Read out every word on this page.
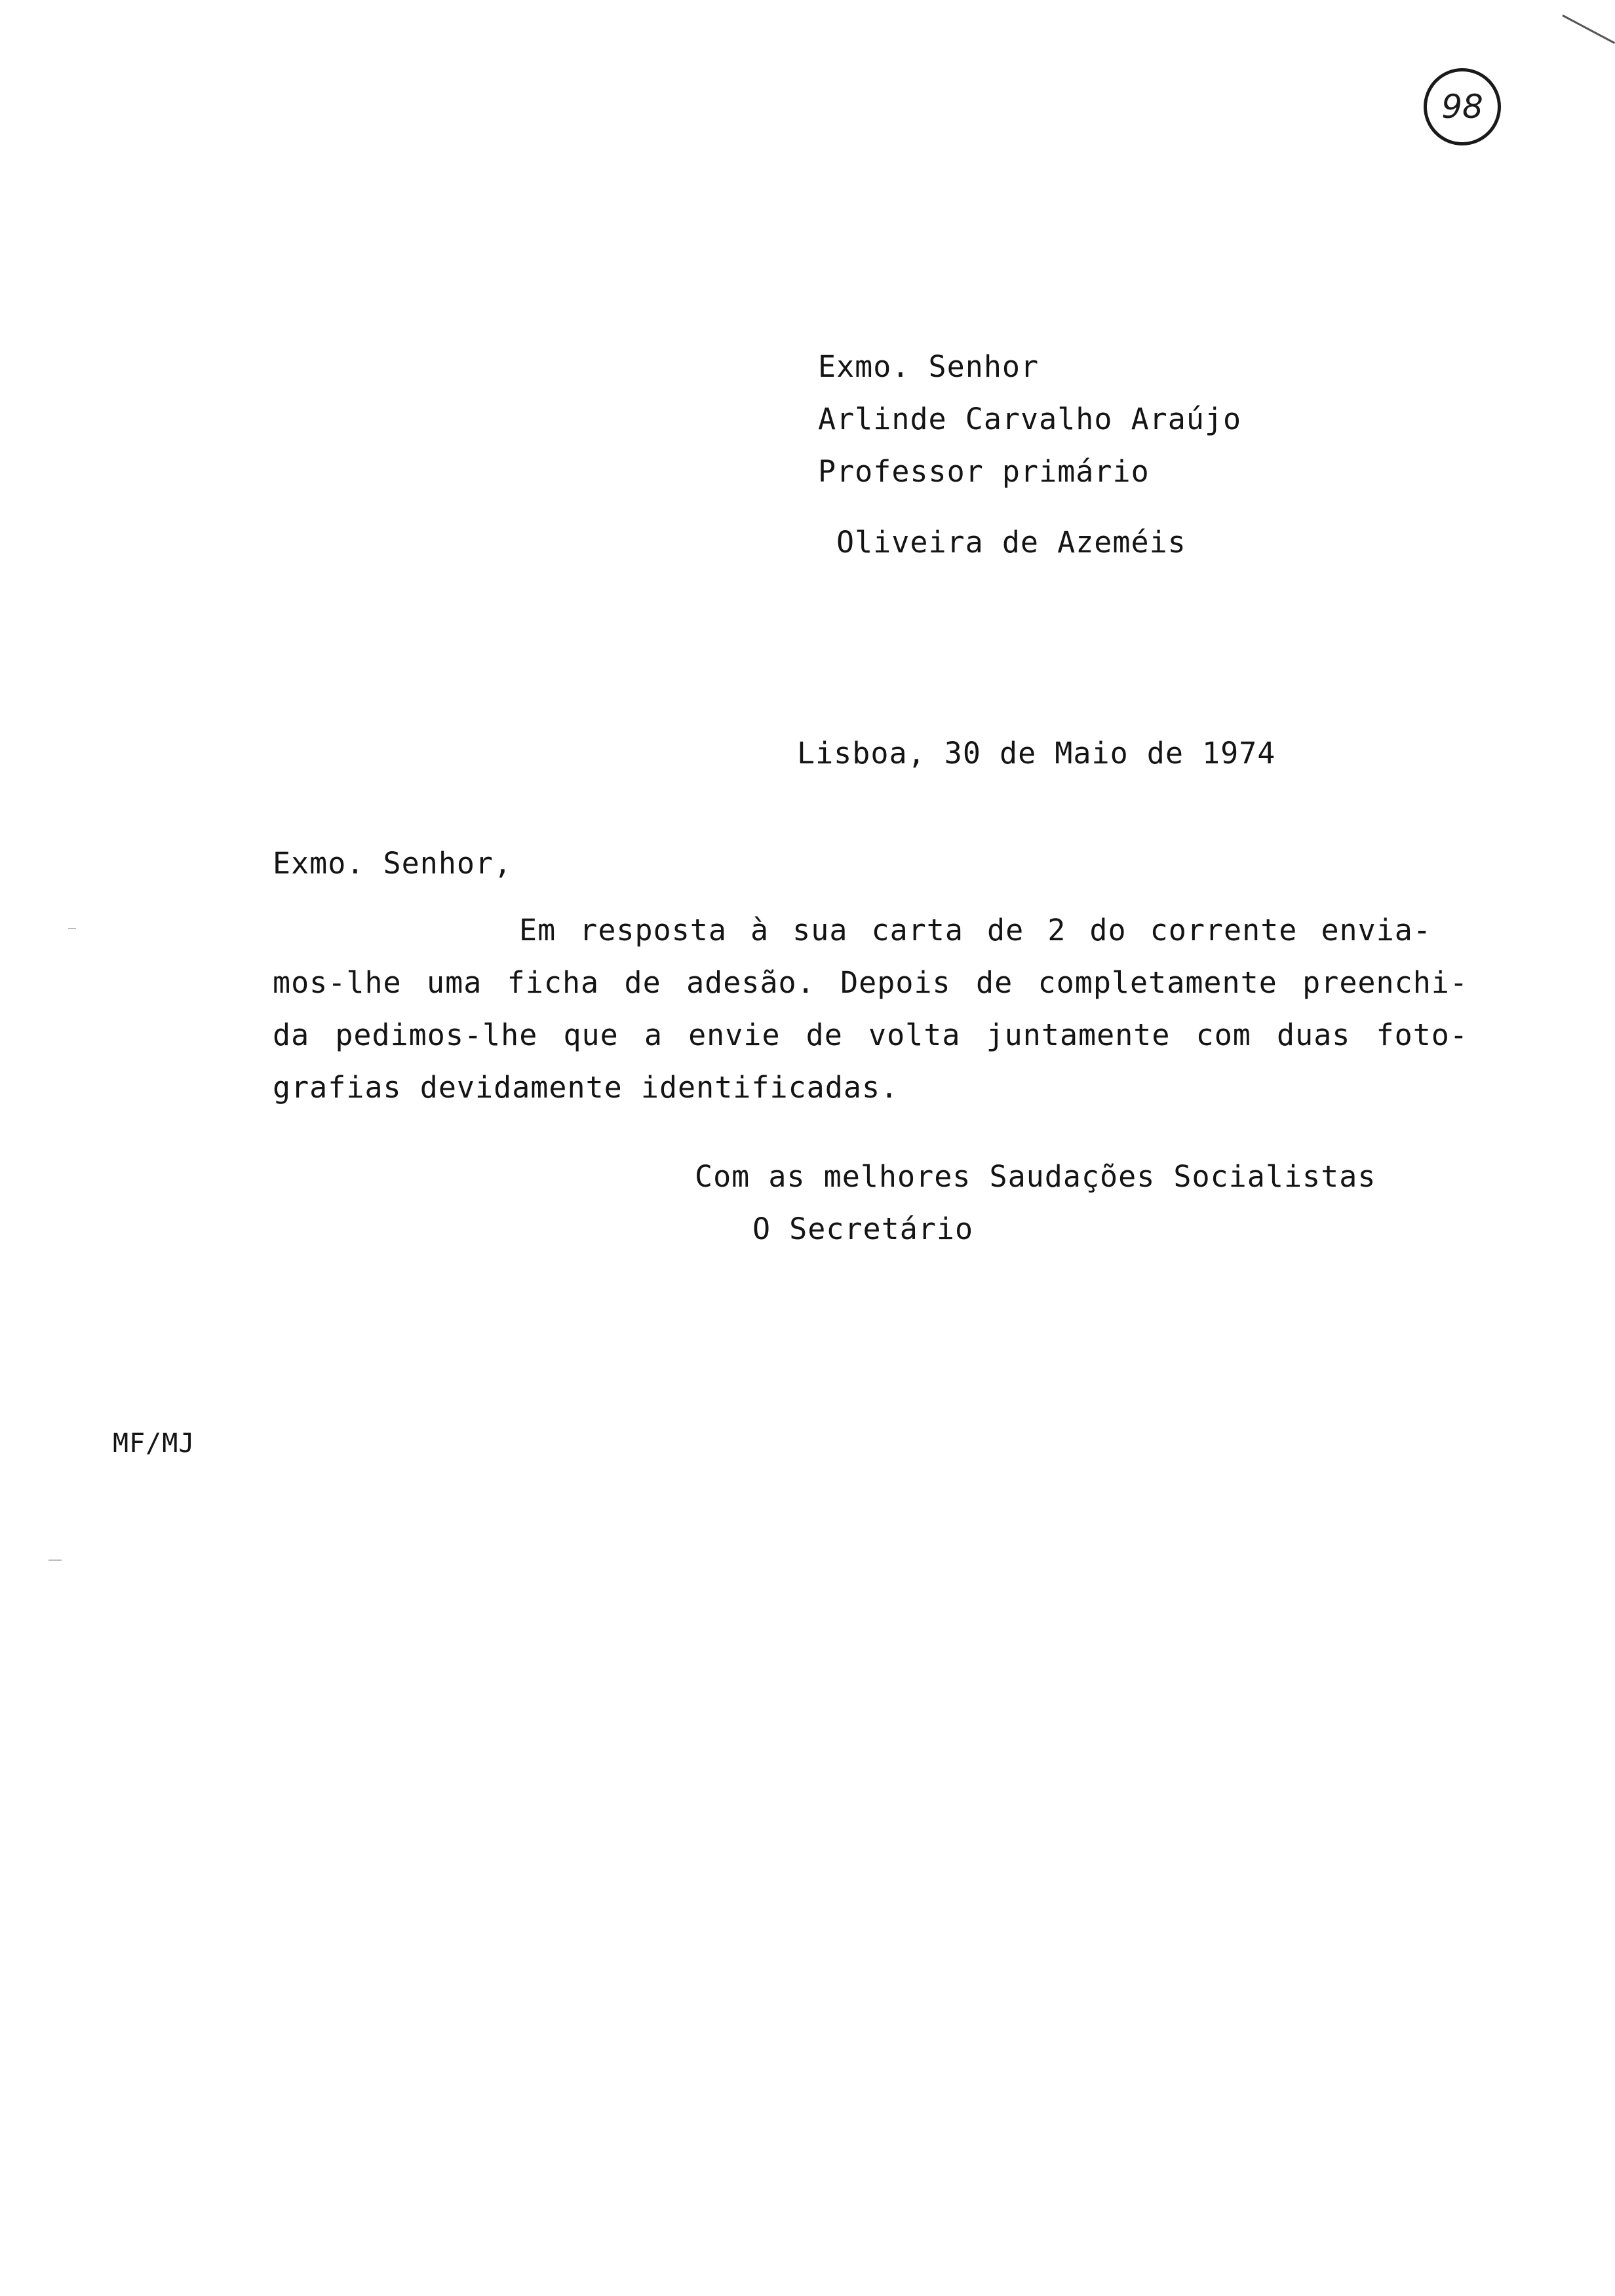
98
Exmo. Senhor
Arlinde Carvalho Araújo
Professor primário
Oliveira de Azeméis
Lisboa, 30 de Maio de 1974
Exmo. Senhor,
Em resposta à sua carta de 2 do corrente envia-
mos-lhe uma ficha de adesão. Depois de completamente preenchi-
da pedimos-lhe que a envie de volta juntamente com duas foto-
grafias devidamente identificadas.
Com as melhores Saudações Socialistas
O Secretário
MF/MJ
